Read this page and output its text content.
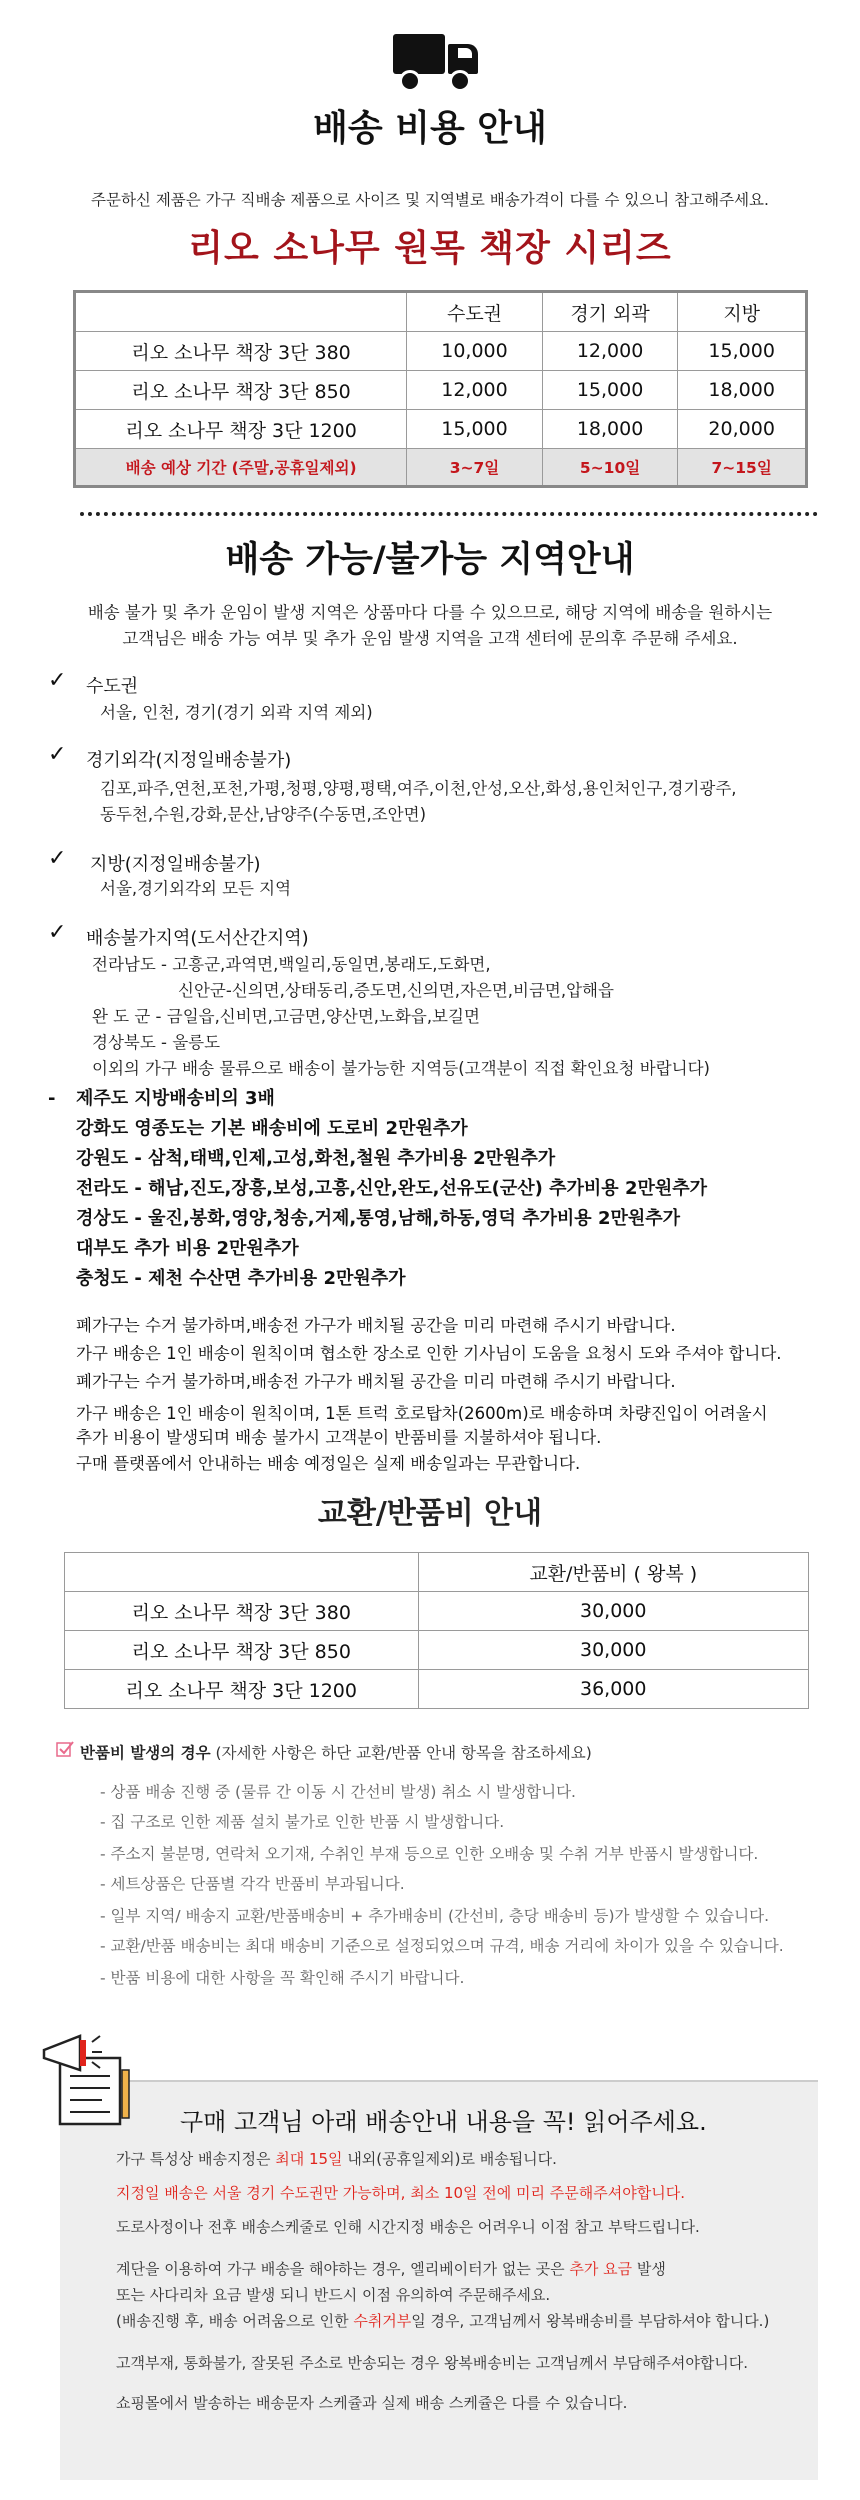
배송 비용 안내
주문하신 제품은 가구 직배송 제품으로 사이즈 및 지역별로 배송가격이 다를 수 있으니 참고해주세요.
리오 소나무 원목 책장 시리즈
	수도권	경기 외곽	지방
리오 소나무 책장 3단 380	10,000	12,000	15,000
리오 소나무 책장 3단 850	12,000	15,000	18,000
리오 소나무 책장 3단 1200	15,000	18,000	20,000
배송 예상 기간 (주말,공휴일제외)	3~7일	5~10일	7~15일
배송 가능/불가능 지역안내
배송 불가 및 추가 운임이 발생 지역은 상품마다 다를 수 있으므로, 해당 지역에 배송을 원하시는
고객님은 배송 가능 여부 및 추가 운임 발생 지역을 고객 센터에 문의후 주문해 주세요.
✓ 수도권
서울, 인천, 경기(경기 외곽 지역 제외)
✓ 경기외각(지정일배송불가)
김포,파주,연천,포천,가평,청평,양평,평택,여주,이천,안성,오산,화성,용인처인구,경기광주,
동두천,수원,강화,문산,남양주(수동면,조안면)
✓ 지방(지정일배송불가)
서울,경기외각외 모든 지역
✓ 배송불가지역(도서산간지역)
전라남도 - 고흥군,과역면,백일리,동일면,봉래도,도화면,
신안군-신의면,상태동리,증도면,신의면,자은면,비금면,압해읍
완 도 군 - 금일읍,신비면,고금면,양산면,노화읍,보길면
경상북도 - 울릉도
이외의 가구 배송 물류으로 배송이 불가능한 지역등(고객분이 직접 확인요청 바랍니다)
- 제주도 지방배송비의 3배
강화도 영종도는 기본 배송비에 도로비 2만원추가
강원도 - 삼척,태백,인제,고성,화천,철원 추가비용 2만원추가
전라도 - 해남,진도,장흥,보성,고흥,신안,완도,선유도(군산) 추가비용 2만원추가
경상도 - 울진,봉화,영양,청송,거제,통영,남해,하동,영덕 추가비용 2만원추가
대부도 추가 비용 2만원추가
충청도 - 제천 수산면 추가비용 2만원추가
폐가구는 수거 불가하며,배송전 가구가 배치될 공간을 미리 마련해 주시기 바랍니다.
가구 배송은 1인 배송이 원칙이며 협소한 장소로 인한 기사님이 도움을 요청시 도와 주셔야 합니다.
폐가구는 수거 불가하며,배송전 가구가 배치될 공간을 미리 마련해 주시기 바랍니다.
가구 배송은 1인 배송이 원칙이며, 1톤 트럭 호로탑차(2600m)로 배송하며 차량진입이 어려울시
추가 비용이 발생되며 배송 불가시 고객분이 반품비를 지불하셔야 됩니다.
구매 플랫폼에서 안내하는 배송 예정일은 실제 배송일과는 무관합니다.
교환/반품비 안내
	교환/반품비 ( 왕복 )
리오 소나무 책장 3단 380	30,000
리오 소나무 책장 3단 850	30,000
리오 소나무 책장 3단 1200	36,000
반품비 발생의 경우 (자세한 사항은 하단 교환/반품 안내 항목을 참조하세요)
- 상품 배송 진행 중 (물류 간 이동 시 간선비 발생) 취소 시 발생합니다.
- 집 구조로 인한 제품 설치 불가로 인한 반품 시 발생합니다.
- 주소지 불분명, 연락처 오기재, 수취인 부재 등으로 인한 오배송 및 수취 거부 반품시 발생합니다.
- 세트상품은 단품별 각각 반품비 부과됩니다.
- 일부 지역/ 배송지 교환/반품배송비 + 추가배송비 (간선비, 층당 배송비 등)가 발생할 수 있습니다.
- 교환/반품 배송비는 최대 배송비 기준으로 설정되었으며 규격, 배송 거리에 차이가 있을 수 있습니다.
- 반품 비용에 대한 사항을 꼭 확인해 주시기 바랍니다.
구매 고객님 아래 배송안내 내용을 꼭! 읽어주세요.
가구 특성상 배송지정은 최대 15일 내외(공휴일제외)로 배송됩니다.
지정일 배송은 서울 경기 수도권만 가능하며, 최소 10일 전에 미리 주문해주셔야합니다.
도로사정이나 전후 배송스케줄로 인해 시간지정 배송은 어려우니 이점 참고 부탁드립니다.
계단을 이용하여 가구 배송을 해야하는 경우, 엘리베이터가 없는 곳은 추가 요금 발생
또는 사다리차 요금 발생 되니 반드시 이점 유의하여 주문해주세요.
(배송진행 후, 배송 어려움으로 인한 수취거부일 경우, 고객님께서 왕복배송비를 부담하셔야 합니다.)
고객부재, 통화불가, 잘못된 주소로 반송되는 경우 왕복배송비는 고객님께서 부담해주셔야합니다.
쇼핑몰에서 발송하는 배송문자 스케쥴과 실제 배송 스케쥴은 다를 수 있습니다.
